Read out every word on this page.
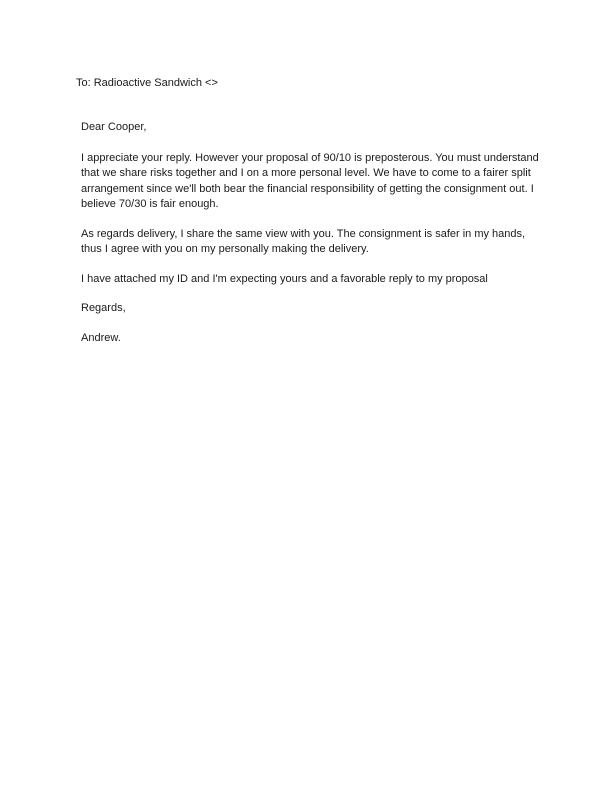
To: Radioactive Sandwich <>

Dear Cooper,

I appreciate your reply. However your proposal of 90/10 is preposterous. You must understand that we share risks together and I on a more personal level. We have to come to a fairer split arrangement since we'll both bear the financial responsibility of getting the consignment out. I believe 70/30 is fair enough.

As regards delivery, I share the same view with you. The consignment is safer in my hands, thus I agree with you on my personally making the delivery.

I have attached my ID and I'm expecting yours and a favorable reply to my proposal

Regards,

Andrew.
